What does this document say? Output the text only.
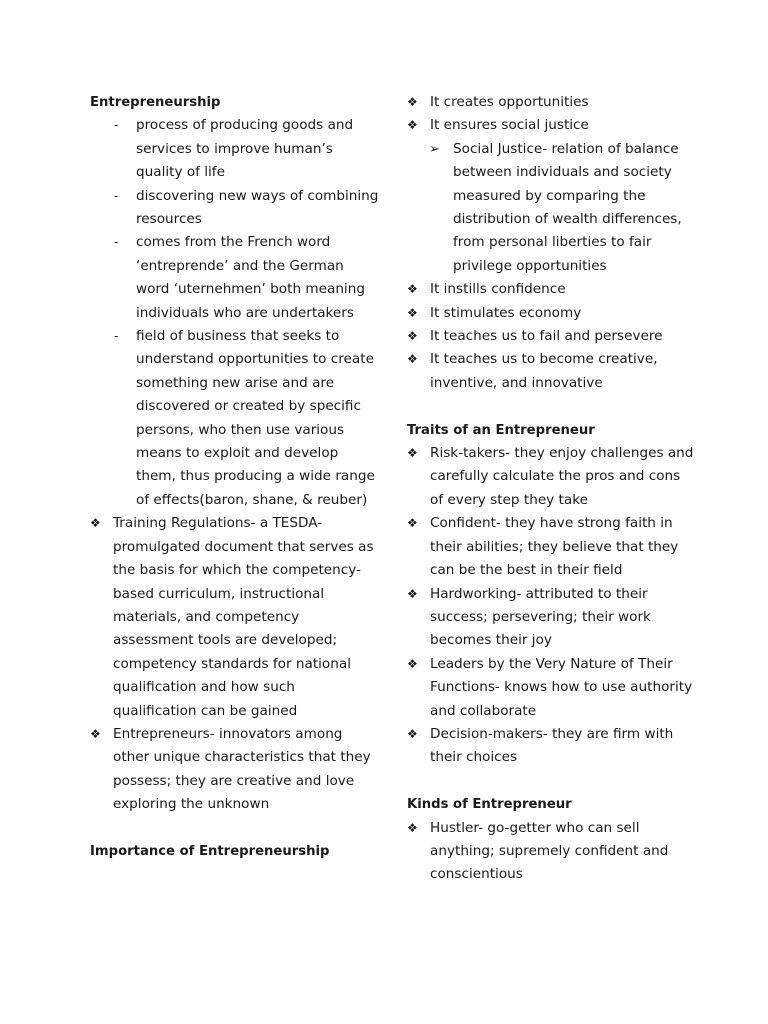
Entrepreneurship
-	process of producing goods and services to improve human’s quality of life
-	discovering new ways of combining resources
-	comes from the French word ‘entreprende’ and the German word ‘uternehmen’ both meaning individuals who are undertakers
-	field of business that seeks to understand opportunities to create something new arise and are discovered or created by specific persons, who then use various means to exploit and develop them, thus producing a wide range of effects(baron, shane, & reuber)
❖ Training Regulations- a TESDA-promulgated document that serves as the basis for which the competency-based curriculum, instructional materials, and competency assessment tools are developed; competency standards for national qualification and how such qualification can be gained
❖ Entrepreneurs- innovators among other unique characteristics that they possess; they are creative and love exploring the unknown
Importance of Entrepreneurship
❖ It creates opportunities
❖ It ensures social justice
➢ Social Justice- relation of balance between individuals and society measured by comparing the distribution of wealth differences, from personal liberties to fair privilege opportunities
❖ It instills confidence
❖ It stimulates economy
❖ It teaches us to fail and persevere
❖ It teaches us to become creative, inventive, and innovative
Traits of an Entrepreneur
❖ Risk-takers- they enjoy challenges and carefully calculate the pros and cons of every step they take
❖ Confident- they have strong faith in their abilities; they believe that they can be the best in their field
❖ Hardworking- attributed to their success; persevering; their work becomes their joy
❖ Leaders by the Very Nature of Their Functions- knows how to use authority and collaborate
❖ Decision-makers- they are firm with their choices
Kinds of Entrepreneur
❖ Hustler- go-getter who can sell anything; supremely confident and conscientious
